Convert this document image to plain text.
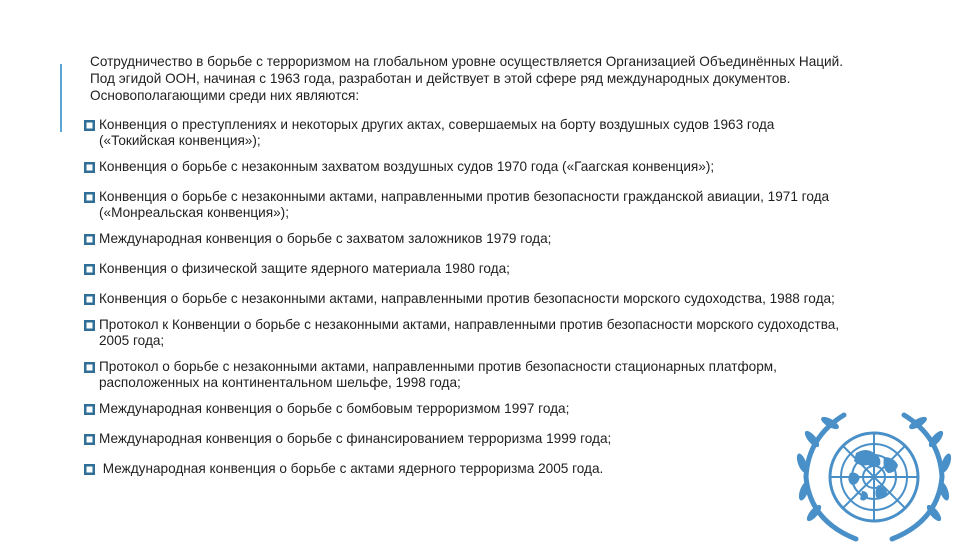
Сотрудничество в борьбе с терроризмом на глобальном уровне осуществляется Организацией Объединённых Наций. Под эгидой ООН, начиная с 1963 года, разработан и действует в этой сфере ряд международных документов. Основополагающими среди них являются:

Конвенция о преступлениях и некоторых других актах, совершаемых на борту воздушных судов 1963 года («Токийская конвенция»);
Конвенция о борьбе с незаконным захватом воздушных судов 1970 года («Гаагская конвенция»);
Конвенция о борьбе с незаконными актами, направленными против безопасности гражданской авиации, 1971 года («Монреальская конвенция»);
Международная конвенция о борьбе с захватом заложников 1979 года;
Конвенция о физической защите ядерного материала 1980 года;
Конвенция о борьбе с незаконными актами, направленными против безопасности морского судоходства, 1988 года;
Протокол к Конвенции о борьбе с незаконными актами, направленными против безопасности морского судоходства, 2005 года;
Протокол о борьбе с незаконными актами, направленными против безопасности стационарных платформ, расположенных на континентальном шельфе, 1998 года;
Международная конвенция о борьбе с бомбовым терроризмом 1997 года;
Международная конвенция о борьбе с финансированием терроризма 1999 года;
Международная конвенция о борьбе с актами ядерного терроризма 2005 года.
